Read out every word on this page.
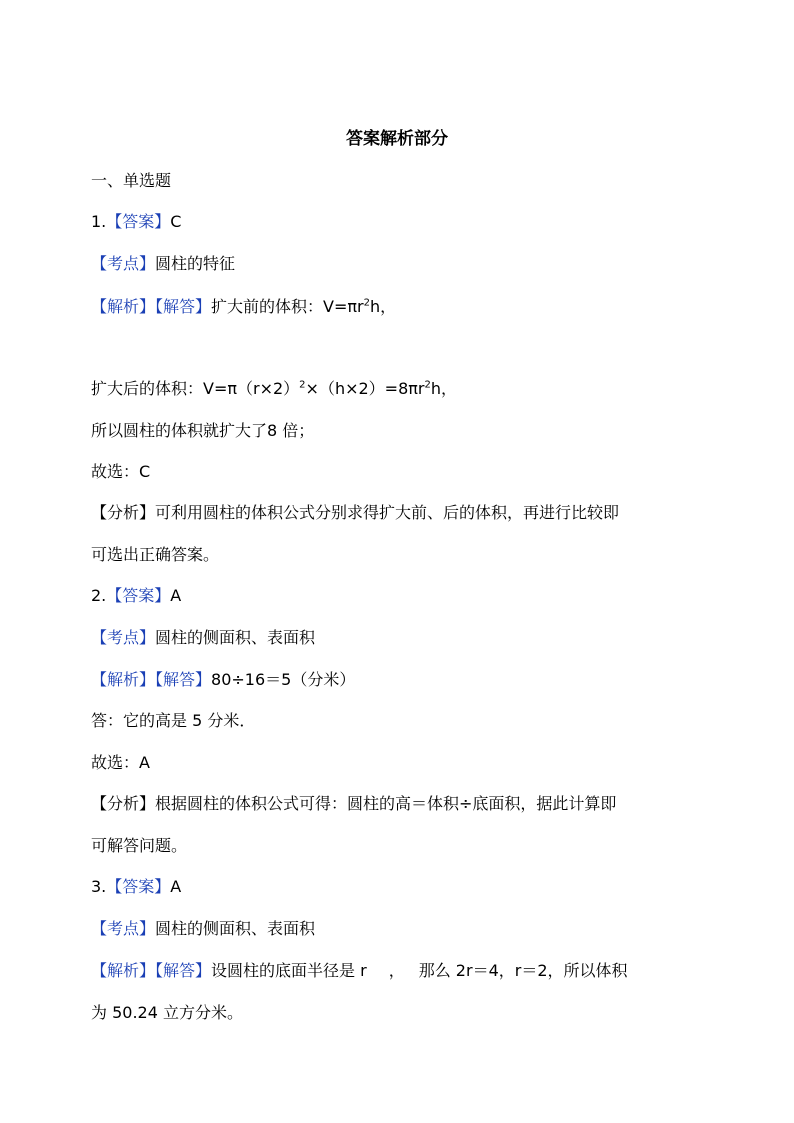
答案解析部分
一、单选题
1.【答案】C
【考点】圆柱的特征
【解析】【解答】扩大前的体积：$V=\pi r^2h$，
扩大后的体积：$V=\pi(r\times 2)^2\times(h\times 2)=8\pi r^2h$，
所以圆柱的体积就扩大了8 倍；
故选：C
【分析】可利用圆柱的体积公式分别求得扩大前、后的体积，再进行比较即
可选出正确答案。
2.【答案】A
【考点】圆柱的侧面积、表面积
【解析】【解答】80÷16＝5（分米）
答：它的高是 5 分米．
故选：A
【分析】根据圆柱的体积公式可得：圆柱的高＝体积÷底面积，据此计算即
可解答问题。
3.【答案】A
【考点】圆柱的侧面积、表面积
【解析】【解答】设圆柱的底面半径是 r ， 那么 2r＝4，r＝2，所以体积
为 50.24 立方分米。
